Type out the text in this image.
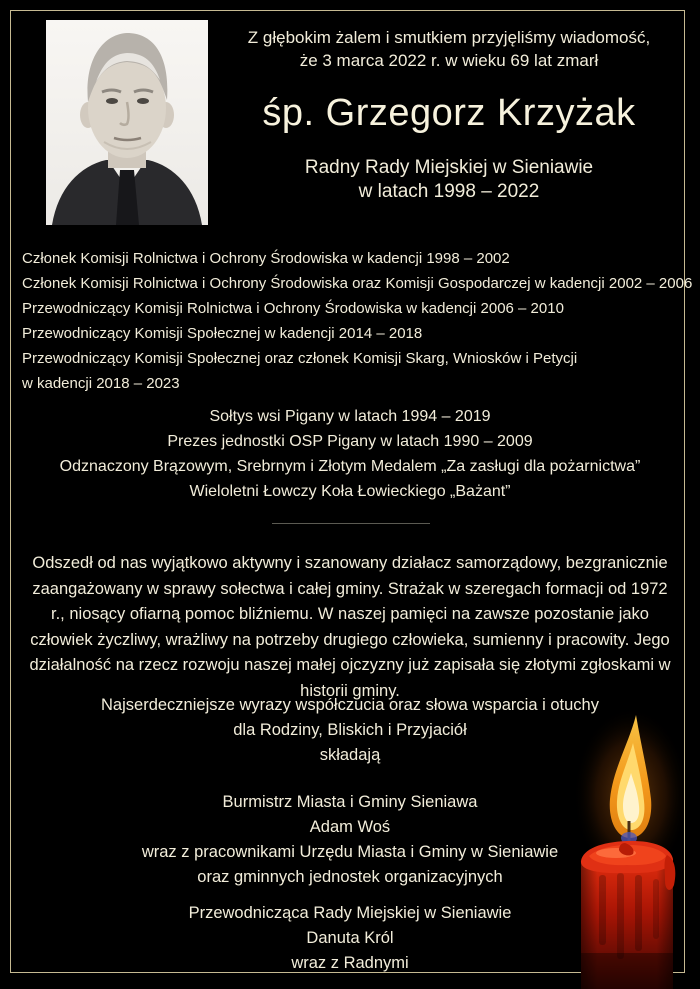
Z głębokim żalem i smutkiem przyjęliśmy wiadomość,
że 3 marca 2022 r. w wieku 69 lat zmarł
śp. Grzegorz Krzyżak
Radny Rady Miejskiej w Sieniawie
w latach 1998 – 2022
Członek Komisji Rolnictwa i Ochrony Środowiska w kadencji 1998 – 2002
Członek Komisji Rolnictwa i Ochrony Środowiska oraz Komisji Gospodarczej w kadencji 2002 – 2006
Przewodniczący Komisji Rolnictwa i Ochrony Środowiska w kadencji 2006 – 2010
Przewodniczący Komisji Społecznej w kadencji 2014 – 2018
Przewodniczący Komisji Społecznej oraz członek Komisji Skarg, Wniosków i Petycji
w kadencji 2018 – 2023
Sołtys wsi Pigany w latach 1994 – 2019
Prezes jednostki OSP Pigany w latach 1990 – 2009
Odznaczony Brązowym, Srebrnym i Złotym Medalem „Za zasługi dla pożarnictwa”
Wieloletni Łowczy Koła Łowieckiego „Bażant”
Odszedł od nas wyjątkowo aktywny i szanowany działacz samorządowy, bezgranicznie zaangażowany w sprawy sołectwa i całej gminy. Strażak w szeregach formacji od 1972 r., niosący ofiarną pomoc bliźniemu. W naszej pamięci na zawsze pozostanie jako człowiek życzliwy, wrażliwy na potrzeby drugiego człowieka, sumienny i pracowity. Jego działalność na rzecz rozwoju naszej małej ojczyzny już zapisała się złotymi zgłoskami w historii gminy.
Najserdeczniejsze wyrazy współczucia oraz słowa wsparcia i otuchy
dla Rodziny, Bliskich i Przyjaciół
składają
Burmistrz Miasta i Gminy Sieniawa
Adam Woś
wraz z pracownikami Urzędu Miasta i Gminy w Sieniawie
oraz gminnych jednostek organizacyjnych
Przewodnicząca Rady Miejskiej w Sieniawie
Danuta Król
wraz z Radnymi
